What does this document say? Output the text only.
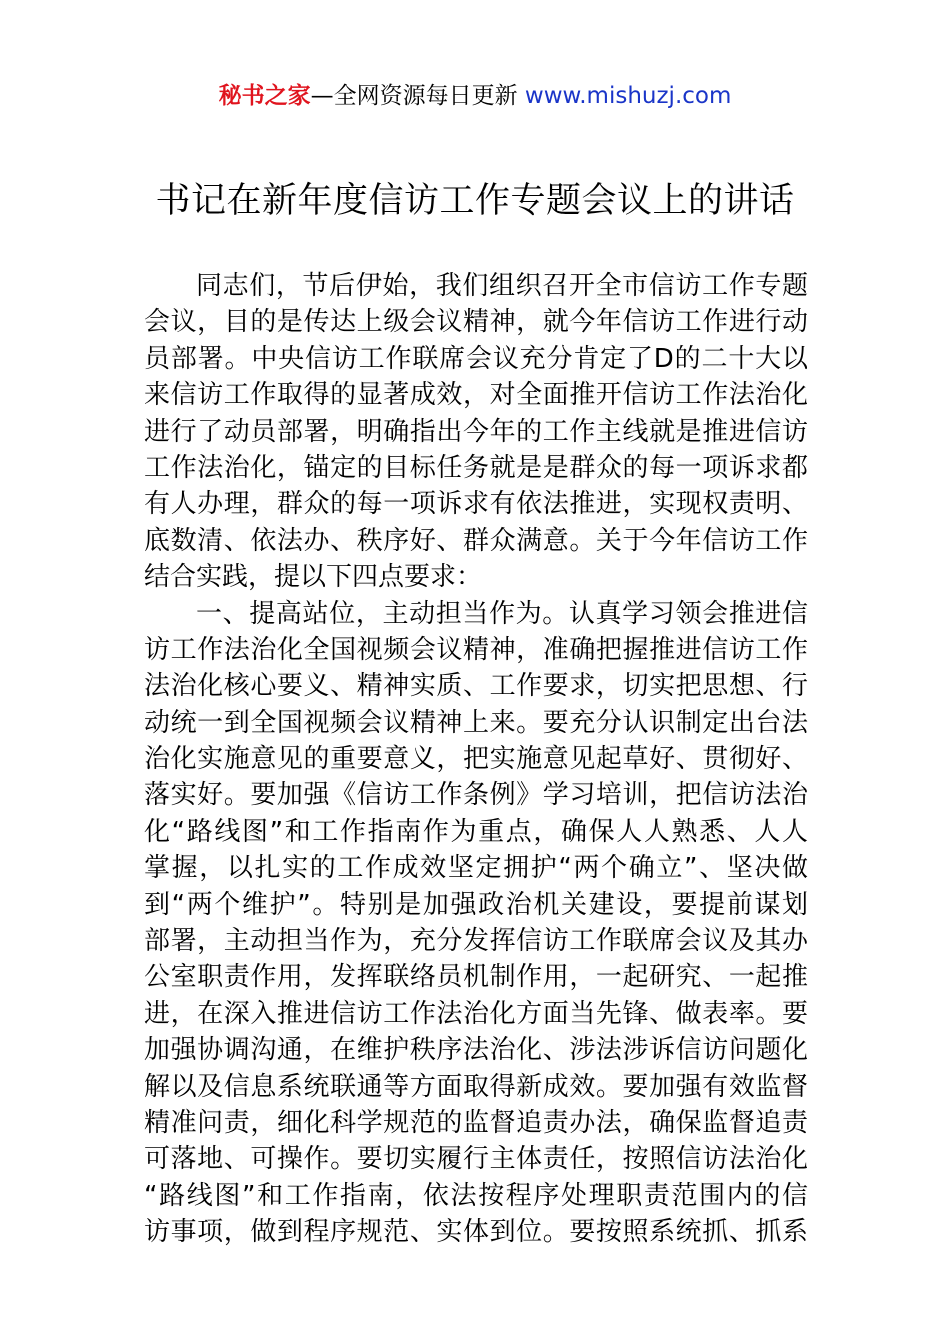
秘书之家—全网资源每日更新 www.mishuzj.com
书记在新年度信访工作专题会议上的讲话
同志们，节后伊始，我们组织召开全市信访工作专题
会议，目的是传达上级会议精神，就今年信访工作进行动
员部署。中央信访工作联席会议充分肯定了D的二十大以
来信访工作取得的显著成效，对全面推开信访工作法治化
进行了动员部署，明确指出今年的工作主线就是推进信访
工作法治化，锚定的目标任务就是是群众的每一项诉求都
有人办理，群众的每一项诉求有依法推进，实现权责明、
底数清、依法办、秩序好、群众满意。关于今年信访工作
结合实践，提以下四点要求：
一、提高站位，主动担当作为。认真学习领会推进信
访工作法治化全国视频会议精神，准确把握推进信访工作
法治化核心要义、精神实质、工作要求，切实把思想、行
动统一到全国视频会议精神上来。要充分认识制定出台法
治化实施意见的重要意义，把实施意见起草好、贯彻好、
落实好。要加强《信访工作条例》学习培训，把信访法治
化“路线图”和工作指南作为重点，确保人人熟悉、人人
掌握，以扎实的工作成效坚定拥护“两个确立”、坚决做
到“两个维护”。特别是加强政治机关建设，要提前谋划
部署，主动担当作为，充分发挥信访工作联席会议及其办
公室职责作用，发挥联络员机制作用，一起研究、一起推
进，在深入推进信访工作法治化方面当先锋、做表率。要
加强协调沟通，在维护秩序法治化、涉法涉诉信访问题化
解以及信息系统联通等方面取得新成效。要加强有效监督
精准问责，细化科学规范的监督追责办法，确保监督追责
可落地、可操作。要切实履行主体责任，按照信访法治化
“路线图”和工作指南，依法按程序处理职责范围内的信
访事项，做到程序规范、实体到位。要按照系统抓、抓系
